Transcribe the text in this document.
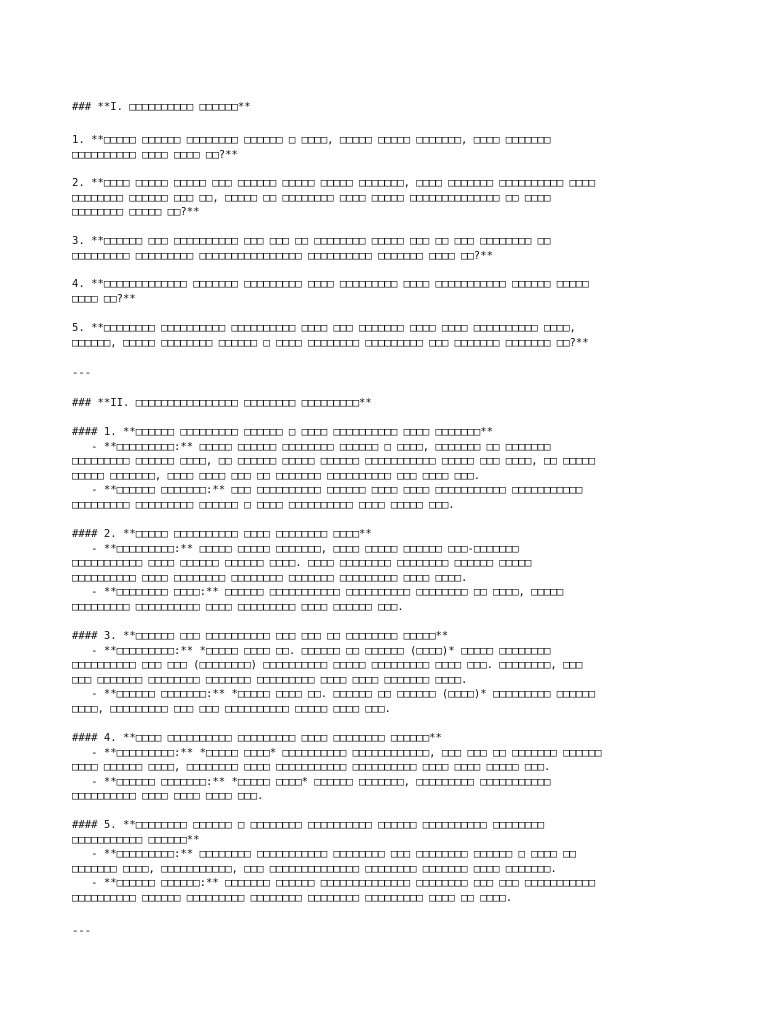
### **I. □□□□□□□□□□ □□□□□□**
1. **□□□□□ □□□□□□ □□□□□□□□ □□□□□□ □ □□□□, □□□□□ □□□□□ □□□□□□□, □□□□ □□□□□□□
□□□□□□□□□□ □□□□ □□□□ □□?**
2. **□□□□ □□□□□ □□□□□ □□□ □□□□□□ □□□□□ □□□□□ □□□□□□□, □□□□ □□□□□□□ □□□□□□□□□□ □□□□
□□□□□□□□ □□□□□□ □□□ □□, □□□□□ □□ □□□□□□□□ □□□□ □□□□□ □□□□□□□□□□□□□□ □□ □□□□
□□□□□□□□ □□□□□ □□?**
3. **□□□□□□ □□□ □□□□□□□□□□ □□□ □□□ □□ □□□□□□□□ □□□□□ □□□ □□ □□□ □□□□□□□□ □□
□□□□□□□□□ □□□□□□□□□ □□□□□□□□□□□□□□□□ □□□□□□□□□□ □□□□□□□ □□□□ □□?**
4. **□□□□□□□□□□□□□ □□□□□□□ □□□□□□□□□ □□□□ □□□□□□□□□ □□□□ □□□□□□□□□□□ □□□□□□ □□□□□
□□□□ □□?**
5. **□□□□□□□□ □□□□□□□□□□ □□□□□□□□□□ □□□□ □□□ □□□□□□□ □□□□ □□□□ □□□□□□□□□□ □□□□,
□□□□□□, □□□□□ □□□□□□□□ □□□□□□ □ □□□□ □□□□□□□□ □□□□□□□□□ □□□ □□□□□□□ □□□□□□□ □□?**
---
### **II. □□□□□□□□□□□□□□□□ □□□□□□□□ □□□□□□□□□**
#### 1. **□□□□□□ □□□□□□□□□ □□□□□□ □ □□□□ □□□□□□□□□□ □□□□ □□□□□□□**
- **□□□□□□□□□:** □□□□□ □□□□□□ □□□□□□□□ □□□□□□ □ □□□□, □□□□□□□ □□ □□□□□□□
□□□□□□□□□ □□□□□□ □□□□, □□ □□□□□□ □□□□□ □□□□□□ □□□□□□□□□□□ □□□□□ □□□ □□□□, □□ □□□□□
□□□□□ □□□□□□□, □□□□ □□□□ □□□ □□ □□□□□□□ □□□□□□□□□□ □□□ □□□□ □□□.
- **□□□□□□ □□□□□□□:** □□□ □□□□□□□□□□ □□□□□□ □□□□ □□□□ □□□□□□□□□□□ □□□□□□□□□□□
□□□□□□□□□ □□□□□□□□□ □□□□□□ □ □□□□ □□□□□□□□□□ □□□□ □□□□□ □□□.
#### 2. **□□□□□ □□□□□□□□□□ □□□□ □□□□□□□□ □□□□**
- **□□□□□□□□□:** □□□□□ □□□□□ □□□□□□□, □□□□ □□□□□ □□□□□□ □□□-□□□□□□□
□□□□□□□□□□□ □□□□ □□□□□□ □□□□□□ □□□□. □□□□ □□□□□□□□ □□□□□□□□ □□□□□□ □□□□□
□□□□□□□□□□ □□□□ □□□□□□□□ □□□□□□□□ □□□□□□□ □□□□□□□□□ □□□□ □□□□.
- **□□□□□□□□ □□□□:** □□□□□□ □□□□□□□□□□□ □□□□□□□□□□ □□□□□□□□ □□ □□□□, □□□□□
□□□□□□□□□ □□□□□□□□□□ □□□□ □□□□□□□□□ □□□□ □□□□□□ □□□.
#### 3. **□□□□□□ □□□ □□□□□□□□□□ □□□ □□□ □□ □□□□□□□□ □□□□□**
- **□□□□□□□□□:** *□□□□□ □□□□ □□. □□□□□□ □□ □□□□□□ (□□□□)* □□□□□ □□□□□□□□
□□□□□□□□□□ □□□ □□□ (□□□□□□□□) □□□□□□□□□□ □□□□□ □□□□□□□□□ □□□□ □□□. □□□□□□□□, □□□
□□□ □□□□□□□ □□□□□□□□ □□□□□□□ □□□□□□□□□ □□□□ □□□□ □□□□□□□ □□□□.
- **□□□□□□ □□□□□□□:** *□□□□□ □□□□ □□. □□□□□□ □□ □□□□□□ (□□□□)* □□□□□□□□□ □□□□□□
□□□□, □□□□□□□□□ □□□ □□□ □□□□□□□□□□ □□□□□ □□□□ □□□.
#### 4. **□□□□ □□□□□□□□□□ □□□□□□□□□ □□□□ □□□□□□□□ □□□□□□**
- **□□□□□□□□□:** *□□□□□ □□□□* □□□□□□□□□□ □□□□□□□□□□□□, □□□ □□□ □□ □□□□□□□ □□□□□□
□□□□ □□□□□□ □□□□, □□□□□□□□ □□□□ □□□□□□□□□□□ □□□□□□□□□□ □□□□ □□□□ □□□□□ □□□.
- **□□□□□□ □□□□□□□:** *□□□□□ □□□□* □□□□□□ □□□□□□□, □□□□□□□□□ □□□□□□□□□□□
□□□□□□□□□□ □□□□ □□□□ □□□□ □□□.
#### 5. **□□□□□□□□ □□□□□□ □ □□□□□□□□ □□□□□□□□□□ □□□□□□ □□□□□□□□□□ □□□□□□□□
□□□□□□□□□□□ □□□□□□**
- **□□□□□□□□□:** □□□□□□□□ □□□□□□□□□□□ □□□□□□□□ □□□ □□□□□□□□ □□□□□□ □ □□□□ □□
□□□□□□□ □□□□, □□□□□□□□□□□, □□□ □□□□□□□□□□□□□□ □□□□□□□□ □□□□□□□ □□□□ □□□□□□□.
- **□□□□□□ □□□□□□:** □□□□□□□ □□□□□□ □□□□□□□□□□□□□□ □□□□□□□□ □□□ □□□ □□□□□□□□□□□
□□□□□□□□□□ □□□□□□ □□□□□□□□□ □□□□□□□□ □□□□□□□□ □□□□□□□□□ □□□□ □□ □□□□.
---
